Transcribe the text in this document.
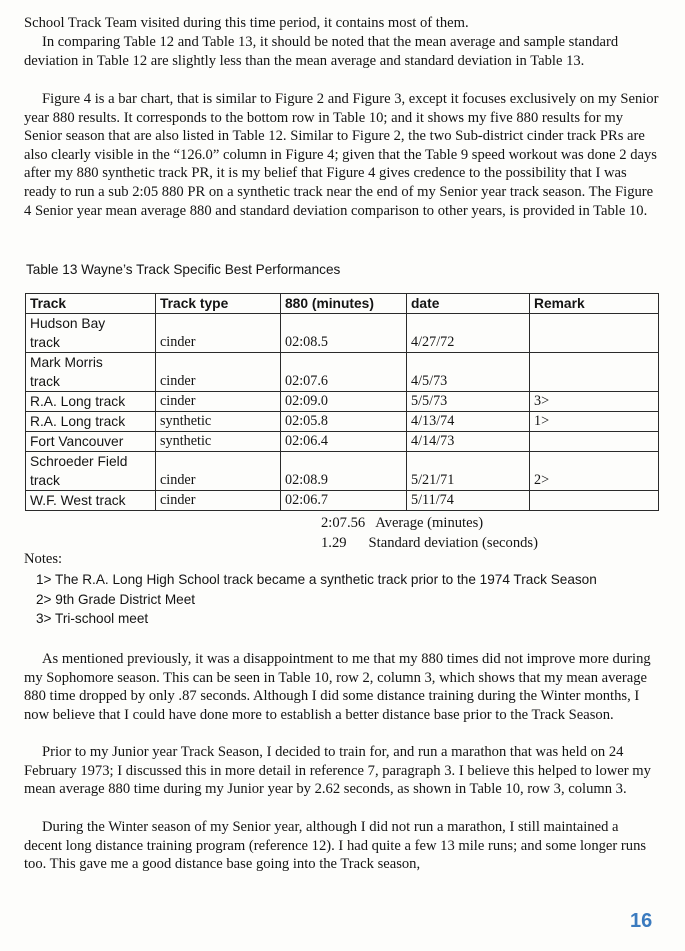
School Track Team visited during this time period, it contains most of them.

In comparing Table 12 and Table 13, it should be noted that the mean average and sample standard deviation in Table 12 are slightly less than the mean average and standard deviation in Table 13.

Figure 4 is a bar chart, that is similar to Figure 2 and Figure 3, except it focuses exclusively on my Senior year 880 results. It corresponds to the bottom row in Table 10; and it shows my five 880 results for my Senior season that are also listed in Table 12. Similar to Figure 2, the two Sub-district cinder track PRs are also clearly visible in the “126.0” column in Figure 4; given that the Table 9 speed workout was done 2 days after my 880 synthetic track PR, it is my belief that Figure 4 gives credence to the possibility that I was ready to run a sub 2:05 880 PR on a synthetic track near the end of my Senior year track season. The Figure 4 Senior year mean average 880 and standard deviation comparison to other years, is provided in Table 10.

Table 13 Wayne’s Track Specific Best Performances
Track	Track type	880 (minutes)	date	Remark

Hudson Bay
track	cinder	02:08.5	4/27/72	

Mark Morris
track	cinder	02:07.6	4/5/73	
R.A. Long track	cinder	02:09.0	5/5/73	3>
R.A. Long track	synthetic	02:05.8	4/13/74	1>
Fort Vancouver	synthetic	02:06.4	4/14/73	

Schroeder Field
track	cinder	02:08.9	5/21/71	2>
W.F. West track	cinder	02:06.7	5/11/74	
2:07.56 Average (minutes)
1.29 Standard deviation (seconds)
Notes:
1> The R.A. Long High School track became a synthetic track prior to the 1974 Track Season
2> 9th Grade District Meet
3> Tri-school meet

As mentioned previously, it was a disappointment to me that my 880 times did not improve more during my Sophomore season. This can be seen in Table 10, row 2, column 3, which shows that my mean average 880 time dropped by only .87 seconds. Although I did some distance training during the Winter months, I now believe that I could have done more to establish a better distance base prior to the Track Season.

Prior to my Junior year Track Season, I decided to train for, and run a marathon that was held on 24 February 1973; I discussed this in more detail in reference 7, paragraph 3. I believe this helped to lower my mean average 880 time during my Junior year by 2.62 seconds, as shown in Table 10, row 3, column 3.

During the Winter season of my Senior year, although I did not run a marathon, I still maintained a decent long distance training program (reference 12). I had quite a few 13 mile runs; and some longer runs too. This gave me a good distance base going into the Track season,

16
